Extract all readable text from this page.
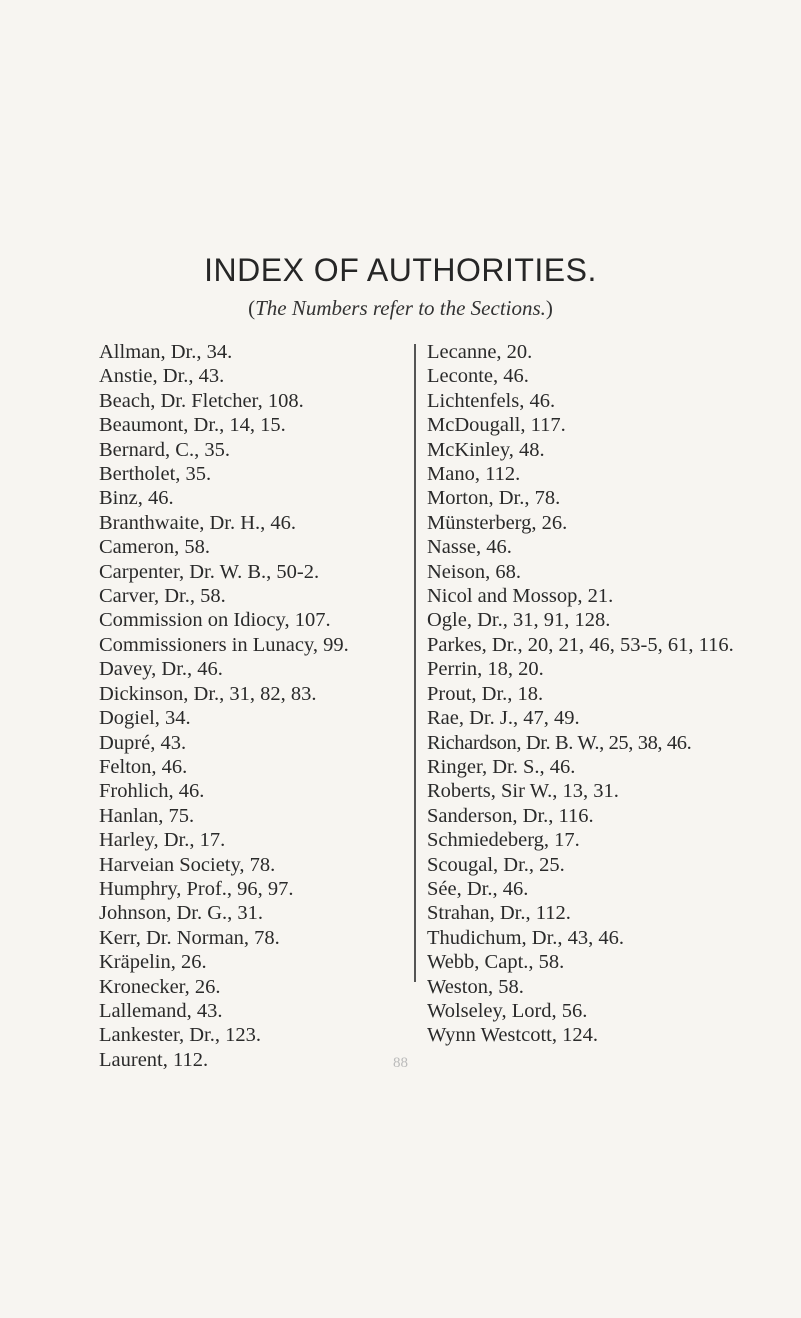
INDEX OF AUTHORITIES.
(The Numbers refer to the Sections.)
Allman, Dr., 34.
Anstie, Dr., 43.
Beach, Dr. Fletcher, 108.
Beaumont, Dr., 14, 15.
Bernard, C., 35.
Bertholet, 35.
Binz, 46.
Branthwaite, Dr. H., 46.
Cameron, 58.
Carpenter, Dr. W. B., 50-2.
Carver, Dr., 58.
Commission on Idiocy, 107.
Commissioners in Lunacy, 99.
Davey, Dr., 46.
Dickinson, Dr., 31, 82, 83.
Dogiel, 34.
Dupré, 43.
Felton, 46.
Frohlich, 46.
Hanlan, 75.
Harley, Dr., 17.
Harveian Society, 78.
Humphry, Prof., 96, 97.
Johnson, Dr. G., 31.
Kerr, Dr. Norman, 78.
Kräpelin, 26.
Kronecker, 26.
Lallemand, 43.
Lankester, Dr., 123.
Laurent, 112.
Lecanne, 20.
Leconte, 46.
Lichtenfels, 46.
McDougall, 117.
McKinley, 48.
Mano, 112.
Morton, Dr., 78.
Münsterberg, 26.
Nasse, 46.
Neison, 68.
Nicol and Mossop, 21.
Ogle, Dr., 31, 91, 128.
Parkes, Dr., 20, 21, 46, 53-5, 61, 116.
Perrin, 18, 20.
Prout, Dr., 18.
Rae, Dr. J., 47, 49.
Richardson, Dr. B. W., 25, 38, 46.
Ringer, Dr. S., 46.
Roberts, Sir W., 13, 31.
Sanderson, Dr., 116.
Schmiedeberg, 17.
Scougal, Dr., 25.
Sée, Dr., 46.
Strahan, Dr., 112.
Thudichum, Dr., 43, 46.
Webb, Capt., 58.
Weston, 58.
Wolseley, Lord, 56.
Wynn Westcott, 124.
88
